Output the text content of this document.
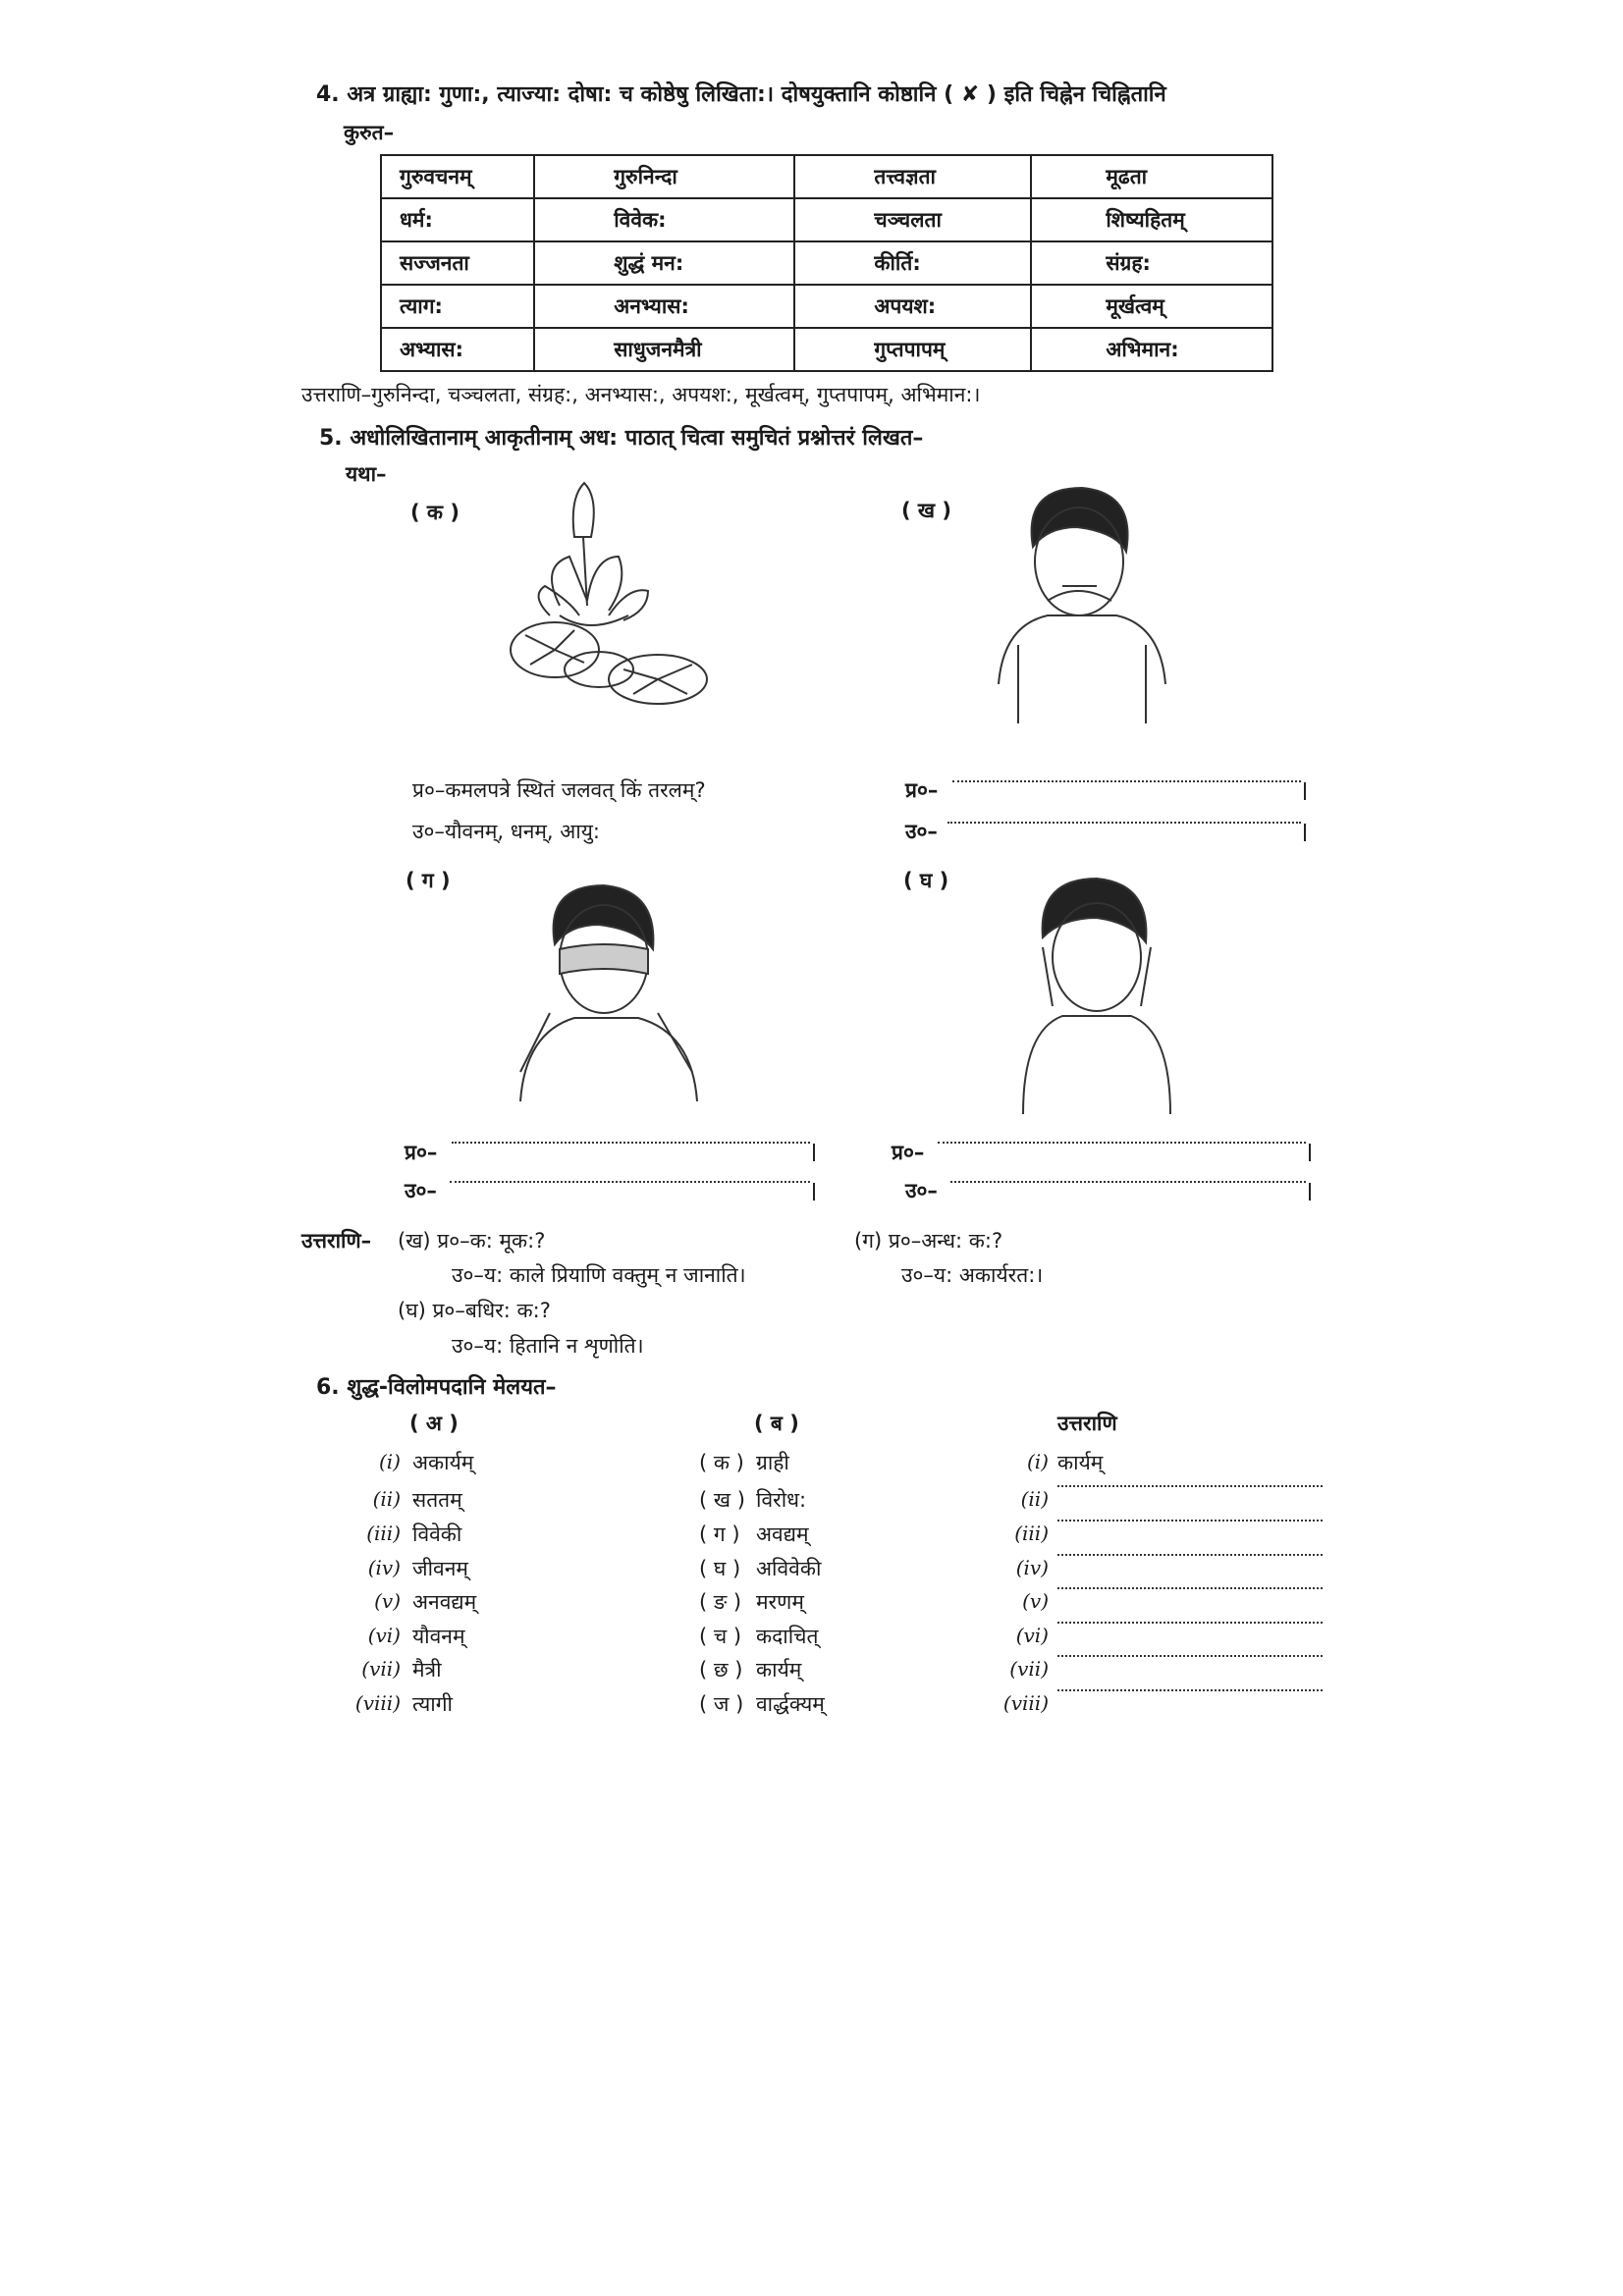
4. अत्र ग्राह्या: गुणा:, त्याज्या: दोषा: च कोष्ठेषु लिखिता:। दोषयुक्तानि कोष्ठानि ( ✘ ) इति चिह्नेन चिह्नितानि
कुरुत–
गुरुवचनम्	गुरुनिन्दा	तत्त्वज्ञता	मूढता
धर्म:	विवेक:	चञ्चलता	शिष्यहितम्
सज्जनता	शुद्धं मन:	कीर्ति:	संग्रह:
त्याग:	अनभ्यास:	अपयश:	मूर्खत्वम्
अभ्यास:	साधुजनमैत्री	गुप्तपापम्	अभिमान:
उत्तराणि–गुरुनिन्दा, चञ्चलता, संग्रह:, अनभ्यास:, अपयश:, मूर्खत्वम्, गुप्तपापम्, अभिमान:।
5. अधोलिखितानाम् आकृतीनाम् अध: पाठात् चित्वा समुचितं प्रश्नोत्तरं लिखत–
यथा–
( क )	( ख )
( ग )	( घ )
प्र०–कमलपत्रे स्थितं जलवत् किं तरलम्?
उ०–यौवनम्, धनम्, आयु:
प्र०–
उ०–
प्र०–
उ०–
प्र०–
उ०–
उत्तराणि– (ख) प्र०–क: मूक:?
उ०–य: काले प्रियाणि वक्तुम् न जानाति।
(घ) प्र०–बधिर: क:?
उ०–य: हितानि न शृणोति।
(ग) प्र०–अन्ध: क:?
उ०–य: अकार्यरत:।
6. शुद्ध-विलोमपदानि मेलयत–
( अ )	( ब )	उत्तराणि
(i) अकार्यम्	( क ) ग्राही	(i) कार्यम्
(ii) सततम्	( ख ) विरोध:	(ii)
(iii) विवेकी	( ग ) अवद्यम्	(iii)
(iv) जीवनम्	( घ ) अविवेकी	(iv)
(v) अनवद्यम्	( ङ ) मरणम्	(v)
(vi) यौवनम्	( च ) कदाचित्	(vi)
(vii) मैत्री	( छ ) कार्यम्	(vii)
(viii) त्यागी	( ज ) वार्द्धक्यम्	(viii)
